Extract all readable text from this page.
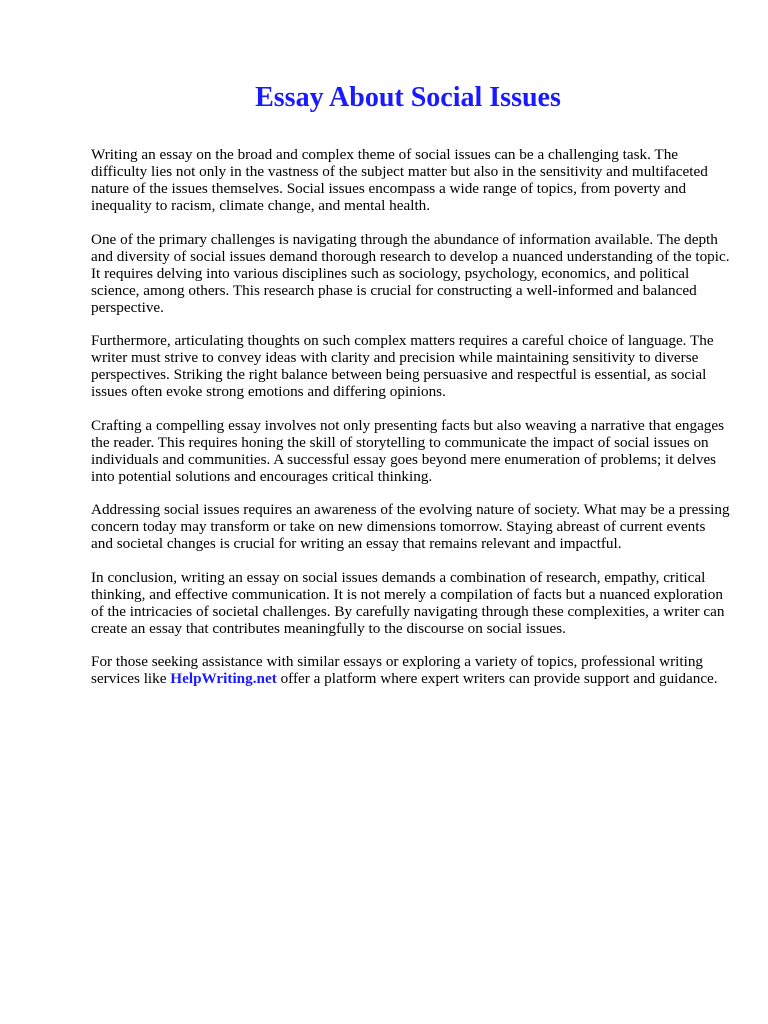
Essay About Social Issues

Writing an essay on the broad and complex theme of social issues can be a challenging task. The difficulty lies not only in the vastness of the subject matter but also in the sensitivity and multifaceted nature of the issues themselves. Social issues encompass a wide range of topics, from poverty and inequality to racism, climate change, and mental health.

One of the primary challenges is navigating through the abundance of information available. The depth and diversity of social issues demand thorough research to develop a nuanced understanding of the topic. It requires delving into various disciplines such as sociology, psychology, economics, and political science, among others. This research phase is crucial for constructing a well-informed and balanced perspective.

Furthermore, articulating thoughts on such complex matters requires a careful choice of language. The writer must strive to convey ideas with clarity and precision while maintaining sensitivity to diverse perspectives. Striking the right balance between being persuasive and respectful is essential, as social issues often evoke strong emotions and differing opinions.

Crafting a compelling essay involves not only presenting facts but also weaving a narrative that engages the reader. This requires honing the skill of storytelling to communicate the impact of social issues on individuals and communities. A successful essay goes beyond mere enumeration of problems; it delves into potential solutions and encourages critical thinking.

Addressing social issues requires an awareness of the evolving nature of society. What may be a pressing concern today may transform or take on new dimensions tomorrow. Staying abreast of current events and societal changes is crucial for writing an essay that remains relevant and impactful.

In conclusion, writing an essay on social issues demands a combination of research, empathy, critical thinking, and effective communication. It is not merely a compilation of facts but a nuanced exploration of the intricacies of societal challenges. By carefully navigating through these complexities, a writer can create an essay that contributes meaningfully to the discourse on social issues.

For those seeking assistance with similar essays or exploring a variety of topics, professional writing services like HelpWriting.net offer a platform where expert writers can provide support and guidance.
